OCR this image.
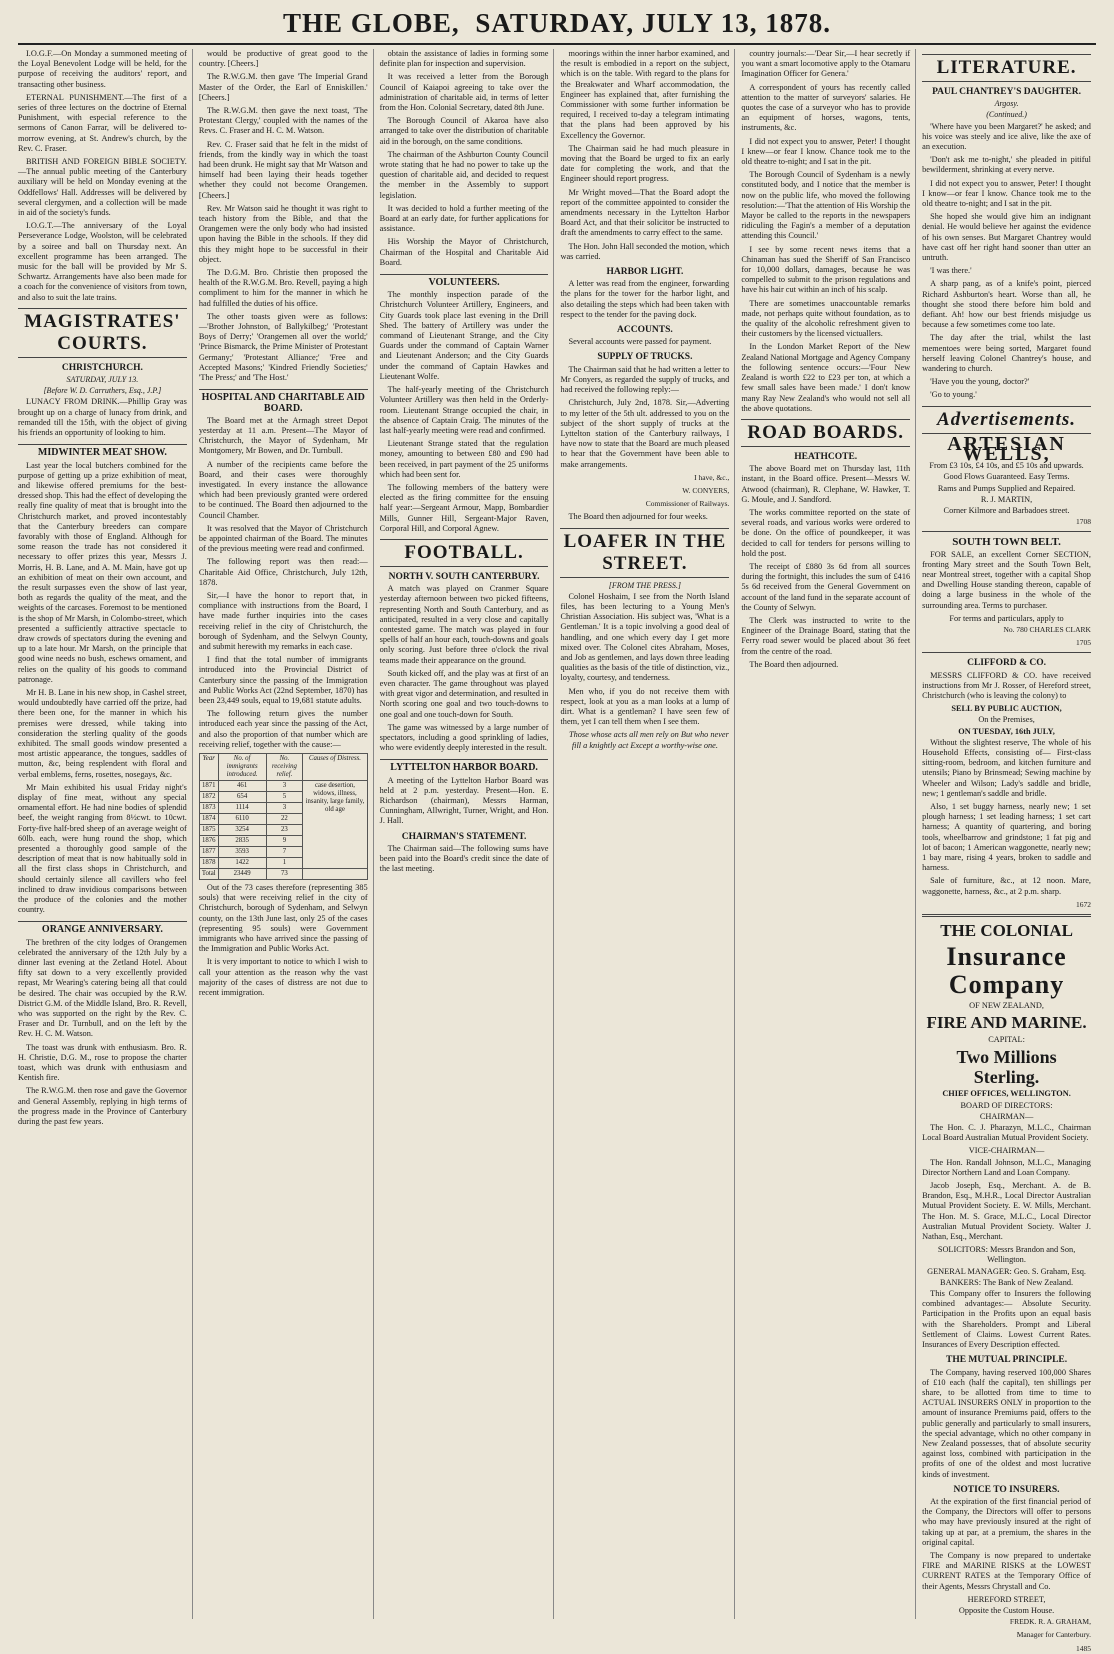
THE GLOBE, SATURDAY, JULY 13, 1878.

I.O.G.F.—On Monday a summoned meeting of the Loyal Benevolent Lodge will be held, for the purpose of receiving the auditors' report, and transacting other business.

ETERNAL PUNISHMENT.—The first of a series of three lectures on the doctrine of Eternal Punishment, with especial reference to the sermons of Canon Farrar, will be delivered to-morrow evening, at St. Andrew's church, by the Rev. C. Fraser.

BRITISH AND FOREIGN BIBLE SOCIETY.—The annual public meeting of the Canterbury auxiliary will be held on Monday evening at the Oddfellows' Hall. Addresses will be delivered by several clergymen, and a collection will be made in aid of the society's funds.

I.O.G.T.—The anniversary of the Loyal Perseverance Lodge, Woolston, will be celebrated by a soiree and ball on Thursday next. An excellent programme has been arranged. The music for the ball will be provided by Mr S. Schwartz. Arrangements have also been made for a coach for the convenience of visitors from town, and also to suit the late trains.

MAGISTRATES' COURTS.
CHRISTCHURCH.
SATURDAY, JULY 13.
[Before W. D. Carruthers, Esq., J.P.]

LUNACY FROM DRINK.—Phillip Gray was brought up on a charge of lunacy from drink, and remanded till the 15th, with the object of giving his friends an opportunity of looking to him.

MIDWINTER MEAT SHOW.

Last year the local butchers combined for the purpose of getting up a prize exhibition of meat, and likewise offered premiums for the best-dressed shop. This had the effect of developing the really fine quality of meat that is brought into the Christchurch market, and proved incontestably that the Canterbury breeders can compare favorably with those of England. Although for some reason the trade has not considered it necessary to offer prizes this year, Messrs J. Morris, H. B. Lane, and A. M. Main, have got up an exhibition of meat on their own account, and the result surpasses even the show of last year, both as regards the quality of the meat, and the weights of the carcases. Foremost to be mentioned is the shop of Mr Marsh, in Colombo-street, which presented a sufficiently attractive spectacle to draw crowds of spectators during the evening and up to a late hour. Mr Marsh, on the principle that good wine needs no bush, eschews ornament, and relies on the quality of his goods to command patronage.

Mr H. B. Lane in his new shop, in Cashel street, would undoubtedly have carried off the prize, had there been one, for the manner in which his premises were dressed, while taking into consideration the sterling quality of the goods exhibited. The small goods window presented a most artistic appearance, the tongues, saddles of mutton, &c, being resplendent with floral and verbal emblems, ferns, rosettes, nosegays, &c.

Mr Main exhibited his usual Friday night's display of fine meat, without any special ornamental effort. He had nine bodies of splendid beef, the weight ranging from 8½cwt. to 10cwt. Forty-five half-bred sheep of an average weight of 60lb. each, were hung round the shop, which presented a thoroughly good sample of the description of meat that is now habitually sold in all the first class shops in Christchurch, and should certainly silence all cavillers who feel inclined to draw invidious comparisons between the produce of the colonies and the mother country.

ORANGE ANNIVERSARY.

The brethren of the city lodges of Orangemen celebrated the anniversary of the 12th July by a dinner last evening at the Zetland Hotel. About fifty sat down to a very excellently provided repast, Mr Wearing's catering being all that could be desired. The chair was occupied by the R.W. District G.M. of the Middle Island, Bro. R. Revell, who was supported on the right by the Rev. C. Fraser and Dr. Turnbull, and on the left by the Rev. H. C. M. Watson.

The toast was drunk with enthusiasm. Bro. R. H. Christie, D.G. M., rose to propose the charter toast, which was drunk with enthusiasm and Kentish fire.

The R.W.G.M. then rose and gave the Governor and General Assembly, replying in high terms of the progress made in the Province of Canterbury during the past few years.

would be productive of great good to the country. [Cheers.]

The R.W.G.M. then gave 'The Imperial Grand Master of the Order, the Earl of Enniskillen.' [Cheers.]

The R.W.G.M. then gave the next toast, 'The Protestant Clergy,' coupled with the names of the Revs. C. Fraser and H. C. M. Watson.

Rev. C. Fraser said that he felt in the midst of friends, from the kindly way in which the toast had been drunk. He might say that Mr Watson and himself had been laying their heads together whether they could not become Orangemen. [Cheers.]

Rev. Mr Watson said he thought it was right to teach history from the Bible, and that the Orangemen were the only body who had insisted upon having the Bible in the schools. If they did this they might hope to be successful in their object.

The D.G.M. Bro. Christie then proposed the health of the R.W.G.M. Bro. Revell, paying a high compliment to him for the manner in which he had fulfilled the duties of his office.

The other toasts given were as follows:—'Brother Johnston, of Ballykilbeg;' 'Protestant Boys of Derry;' 'Orangemen all over the world;' 'Prince Bismarck, the Prime Minister of Protestant Germany;' 'Protestant Alliance;' 'Free and Accepted Masons;' 'Kindred Friendly Societies;' 'The Press;' and 'The Host.'

HOSPITAL AND CHARITABLE AID BOARD.

The Board met at the Armagh street Depot yesterday at 11 a.m. Present—The Mayor of Christchurch, the Mayor of Sydenham, Mr Montgomery, Mr Bowen, and Dr. Turnbull.

A number of the recipients came before the Board, and their cases were thoroughly investigated. In every instance the allowance which had been previously granted were ordered to be continued. The Board then adjourned to the Council Chamber.

It was resolved that the Mayor of Christchurch be appointed chairman of the Board. The minutes of the previous meeting were read and confirmed.

The following report was then read:— Charitable Aid Office, Christchurch, July 12th, 1878.

Sir,—I have the honor to report that, in compliance with instructions from the Board, I have made further inquiries into the cases receiving relief in the city of Christchurch, the borough of Sydenham, and the Selwyn County, and submit herewith my remarks in each case.

I find that the total number of immigrants introduced into the Provincial District of Canterbury since the passing of the Immigration and Public Works Act (22nd September, 1870) has been 23,449 souls, equal to 19,681 statute adults.

The following return gives the number introduced each year since the passing of the Act, and also the proportion of that number which are receiving relief, together with the cause:—

Year	No. of immigrants introduced.	No. receiving relief.	Causes of Distress.
1871	461	3	case desertion, widows, illness, insanity, large family, old age
1872	654	5	
1873	1114	3	
1874	6110	22	
1875	3254	23	
1876	2835	9	
1877	3593	7	
1878	1422	1	
Total	23449	73	

Out of the 73 cases therefore (representing 385 souls) that were receiving relief in the city of Christchurch, borough of Sydenham, and Selwyn county, on the 13th June last, only 25 of the cases (representing 95 souls) were Government immigrants who have arrived since the passing of the Immigration and Public Works Act.

It is very important to notice to which I wish to call your attention as the reason why the vast majority of the cases of distress are not due to recent immigration.

obtain the assistance of ladies in forming some definite plan for inspection and supervision.

It was received a letter from the Borough Council of Kaiapoi agreeing to take over the administration of charitable aid, in terms of letter from the Hon. Colonial Secretary, dated 8th June.

The Borough Council of Akaroa have also arranged to take over the distribution of charitable aid in the borough, on the same conditions.

The chairman of the Ashburton County Council wrote stating that he had no power to take up the question of charitable aid, and decided to request the member in the Assembly to support legislation.

It was decided to hold a further meeting of the Board at an early date, for further applications for assistance.

His Worship the Mayor of Christchurch, Chairman of the Hospital and Charitable Aid Board.

VOLUNTEERS.

The monthly inspection parade of the Christchurch Volunteer Artillery, Engineers, and City Guards took place last evening in the Drill Shed. The battery of Artillery was under the command of Lieutenant Strange, and the City Guards under the command of Captain Warner and Lieutenant Anderson; and the City Guards under the command of Captain Hawkes and Lieutenant Wolfe.

The half-yearly meeting of the Christchurch Volunteer Artillery was then held in the Orderly-room. Lieutenant Strange occupied the chair, in the absence of Captain Craig. The minutes of the last half-yearly meeting were read and confirmed.

Lieutenant Strange stated that the regulation money, amounting to between £80 and £90 had been received, in part payment of the 25 uniforms which had been sent for.

The following members of the battery were elected as the firing committee for the ensuing half year:—Sergeant Armour, Mapp, Bombardier Mills, Gunner Hill, Sergeant-Major Raven, Corporal Hill, and Corporal Agnew.

FOOTBALL.
NORTH V. SOUTH CANTERBURY.

A match was played on Cranmer Square yesterday afternoon between two picked fifteens, representing North and South Canterbury, and as anticipated, resulted in a very close and capitally contested game. The match was played in four spells of half an hour each, touch-downs and goals only scoring. Just before three o'clock the rival teams made their appearance on the ground.

South kicked off, and the play was at first of an even character. The game throughout was played with great vigor and determination, and resulted in North scoring one goal and two touch-downs to one goal and one touch-down for South.

The game was witnessed by a large number of spectators, including a good sprinkling of ladies, who were evidently deeply interested in the result.

LYTTELTON HARBOR BOARD.

A meeting of the Lyttelton Harbor Board was held at 2 p.m. yesterday. Present—Hon. E. Richardson (chairman), Messrs Harman, Cunningham, Allwright, Turner, Wright, and Hon. J. Hall.

CHAIRMAN'S STATEMENT.

The Chairman said—The following sums have been paid into the Board's credit since the date of the last meeting.

moorings within the inner harbor examined, and the result is embodied in a report on the subject, which is on the table. With regard to the plans for the Breakwater and Wharf accommodation, the Engineer has explained that, after furnishing the Commissioner with some further information be required, I received to-day a telegram intimating that the plans had been approved by his Excellency the Governor.

The Chairman said he had much pleasure in moving that the Board be urged to fix an early date for completing the work, and that the Engineer should report progress.

Mr Wright moved—That the Board adopt the report of the committee appointed to consider the amendments necessary in the Lyttelton Harbor Board Act, and that their solicitor be instructed to draft the amendments to carry effect to the same.

The Hon. John Hall seconded the motion, which was carried.

HARBOR LIGHT.

A letter was read from the engineer, forwarding the plans for the tower for the harbor light, and also detailing the steps which had been taken with respect to the tender for the paving dock.

ACCOUNTS.

Several accounts were passed for payment.

SUPPLY OF TRUCKS.

The Chairman said that he had written a letter to Mr Conyers, as regarded the supply of trucks, and had received the following reply:—

Christchurch, July 2nd, 1878. Sir,—Adverting to my letter of the 5th ult. addressed to you on the subject of the short supply of trucks at the Lyttelton station of the Canterbury railways, I have now to state that the Board are much pleased to hear that the Government have been able to make arrangements.

I have, &c.,
W. CONYERS,
Commissioner of Railways.

The Board then adjourned for four weeks.

LOAFER IN THE STREET.
[FROM THE PRESS.]

Colonel Hoshaim, I see from the North Island files, has been lecturing to a Young Men's Christian Association. His subject was, 'What is a Gentleman.' It is a topic involving a good deal of handling, and one which every day I get more mixed over. The Colonel cites Abraham, Moses, and Job as gentlemen, and lays down three leading qualities as the basis of the title of distinction, viz., loyalty, courtesy, and tenderness.

Men who, if you do not receive them with respect, look at you as a man looks at a lump of dirt. What is a gentleman? I have seen few of them, yet I can tell them when I see them.

Those whose acts all men rely on But who never fill a knightly act Except a worthy-wise one.

country journals:—'Dear Sir,—I hear secretly if you want a smart locomotive apply to the Otamaru Imagination Officer for Genera.'

A correspondent of yours has recently called attention to the matter of surveyors' salaries. He quotes the case of a surveyor who has to provide an equipment of horses, wagons, tents, instruments, &c.

I did not expect you to answer, Peter! I thought I knew—or fear I know. Chance took me to the old theatre to-night; and I sat in the pit.

The Borough Council of Sydenham is a newly constituted body, and I notice that the member is now on the public life, who moved the following resolution:—'That the attention of His Worship the Mayor be called to the reports in the newspapers ridiculing the Fagin's a member of a deputation attending this Council.'

I see by some recent news items that a Chinaman has sued the Sheriff of San Francisco for 10,000 dollars, damages, because he was compelled to submit to the prison regulations and have his hair cut within an inch of his scalp.

There are sometimes unaccountable remarks made, not perhaps quite without foundation, as to the quality of the alcoholic refreshment given to their customers by the licensed victuallers.

In the London Market Report of the New Zealand National Mortgage and Agency Company the following sentence occurs:—'Four New Zealand is worth £22 to £23 per ton, at which a few small sales have been made.' I don't know many Ray New Zealand's who would not sell all the above quotations.

ROAD BOARDS.
HEATHCOTE.

The above Board met on Thursday last, 11th instant, in the Board office. Present—Messrs W. Atwood (chairman), R. Clephane, W. Hawker, T. G. Moule, and J. Sandford.

The works committee reported on the state of several roads, and various works were ordered to be done. On the office of poundkeeper, it was decided to call for tenders for persons willing to hold the post.

The receipt of £880 3s 6d from all sources during the fortnight, this includes the sum of £416 5s 6d received from the General Government on account of the land fund in the separate account of the County of Selwyn.

The Clerk was instructed to write to the Engineer of the Drainage Board, stating that the Ferry road sewer would be placed about 36 feet from the centre of the road.

The Board then adjourned.

LITERATURE.
PAUL CHANTREY'S DAUGHTER.
Argosy.
(Continued.)

'Where have you been Margaret?' he asked; and his voice was steely and ice alive, like the axe of an execution.

'Don't ask me to-night,' she pleaded in pitiful bewilderment, shrinking at every nerve.

I did not expect you to answer, Peter! I thought I know—or fear I know. Chance took me to the old theatre to-night; and I sat in the pit.

She hoped she would give him an indignant denial. He would believe her against the evidence of his own senses. But Margaret Chantrey would have cast off her right hand sooner than utter an untruth.

'I was there.'

A sharp pang, as of a knife's point, pierced Richard Ashburton's heart. Worse than all, he thought she stood there before him bold and defiant. Ah! how our best friends misjudge us because a few sometimes come too late.

The day after the trial, whilst the last mementoes were being sorted, Margaret found herself leaving Colonel Chantrey's house, and wandering to church.

'Have you the young, doctor?'

'Go to young.'

Advertisements.
ARTESIAN WELLS,
From £3 10s, £4 10s, and £5 10s and upwards.
Good Flows Guaranteed. Easy Terms.
Rams and Pumps Supplied and Repaired.
R. J. MARTIN,
Corner Kilmore and Barbadoes street.
1708
SOUTH TOWN BELT.

FOR SALE, an excellent Corner SECTION, fronting Mary street and the South Town Belt, near Montreal street, together with a capital Shop and Dwelling House standing thereon, capable of doing a large business in the whole of the surrounding area. Terms to purchaser.

For terms and particulars, apply to
No. 780 CHARLES CLARK
1705
CLIFFORD & CO.

MESSRS CLIFFORD & CO. have received instructions from Mr J. Rosser, of Hereford street, Christchurch (who is leaving the colony) to

SELL BY PUBLIC AUCTION,
On the Premises,
ON TUESDAY, 16th JULY,

Without the slightest reserve, The whole of his Household Effects, consisting of— First-class sitting-room, bedroom, and kitchen furniture and utensils; Piano by Brinsmead; Sewing machine by Wheeler and Wilson; Lady's saddle and bridle, new; 1 gentleman's saddle and bridle.

Also, 1 set buggy harness, nearly new; 1 set plough harness; 1 set leading harness; 1 set cart harness; A quantity of quartering, and boring tools, wheelbarrow and grindstone; 1 fat pig and lot of bacon; 1 American waggonette, nearly new; 1 bay mare, rising 4 years, broken to saddle and harness.

Sale of furniture, &c., at 12 noon. Mare, waggonette, harness, &c., at 2 p.m. sharp.

1672
THE COLONIAL
Insurance Company
OF NEW ZEALAND,
FIRE AND MARINE.
CAPITAL:
Two Millions Sterling.
CHIEF OFFICES, WELLINGTON.
BOARD OF DIRECTORS:
CHAIRMAN—

The Hon. C. J. Pharazyn, M.L.C., Chairman Local Board Australian Mutual Provident Society.

VICE-CHAIRMAN—

The Hon. Randall Johnson, M.L.C., Managing Director Northern Land and Loan Company.

Jacob Joseph, Esq., Merchant. A. de B. Brandon, Esq., M.H.R., Local Director Australian Mutual Provident Society. E. W. Mills, Merchant. The Hon. M. S. Grace, M.L.C., Local Director Australian Mutual Provident Society. Walter J. Nathan, Esq., Merchant.

SOLICITORS: Messrs Brandon and Son, Wellington.
GENERAL MANAGER: Geo. S. Graham, Esq.
BANKERS: The Bank of New Zealand.

This Company offer to Insurers the following combined advantages:— Absolute Security. Participation in the Profits upon an equal basis with the Shareholders. Prompt and Liberal Settlement of Claims. Lowest Current Rates. Insurances of Every Description effected.

THE MUTUAL PRINCIPLE.

The Company, having reserved 100,000 Shares of £10 each (half the capital), ten shillings per share, to be allotted from time to time to ACTUAL INSURERS ONLY in proportion to the amount of insurance Premiums paid, offers to the public generally and particularly to small insurers, the special advantage, which no other company in New Zealand possesses, that of absolute security against loss, combined with participation in the profits of one of the oldest and most lucrative kinds of investment.

NOTICE TO INSURERS.

At the expiration of the first financial period of the Company, the Directors will offer to persons who may have previously insured at the right of taking up at par, at a premium, the shares in the original capital.

The Company is now prepared to undertake FIRE and MARINE RISKS at the LOWEST CURRENT RATES at the Temporary Office of their Agents, Messrs Chrystall and Co.

HEREFORD STREET,
Opposite the Custom House.
FREDK. R. A. GRAHAM,
Manager for Canterbury.
1485
